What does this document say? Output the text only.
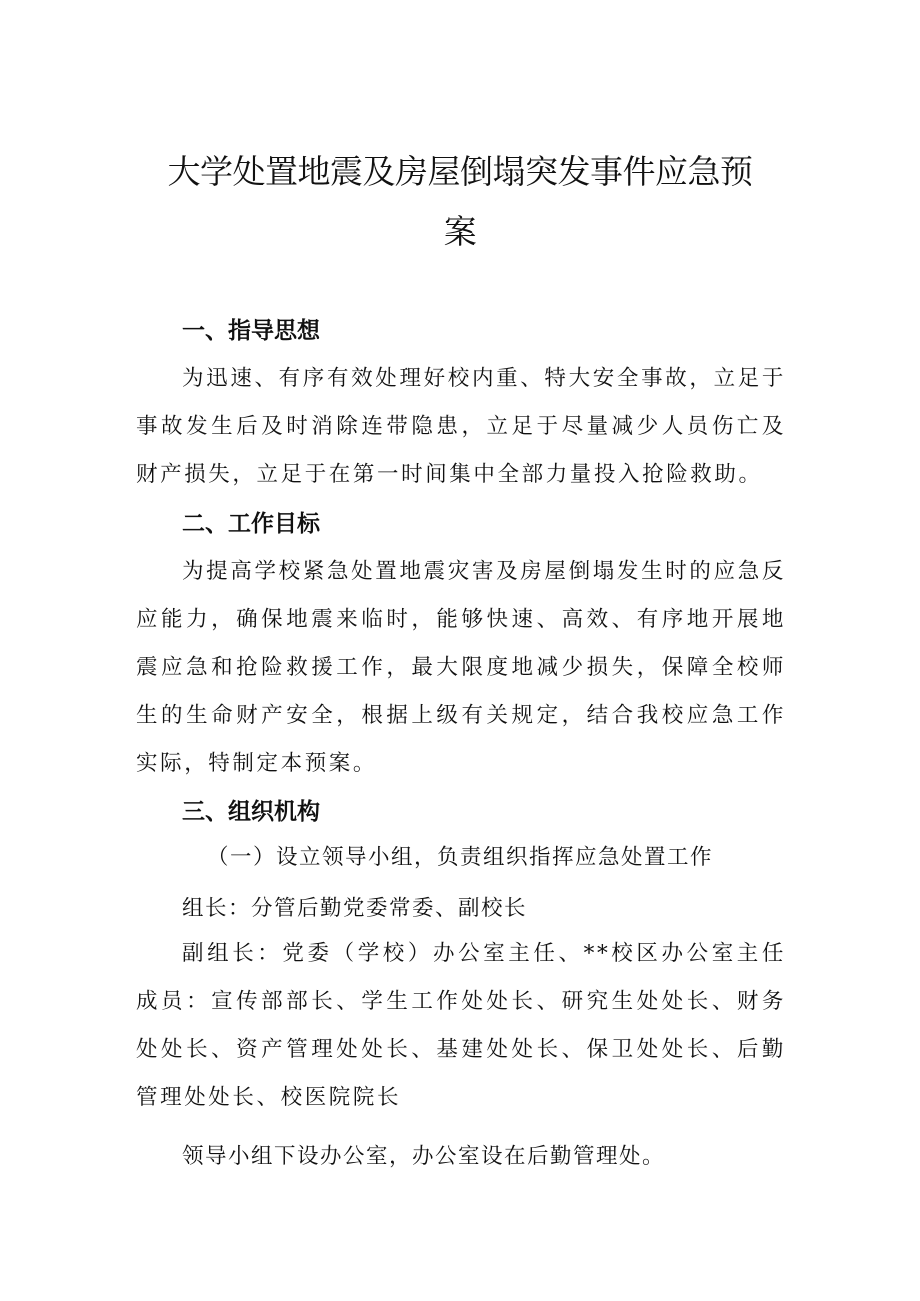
大学处置地震及房屋倒塌突发事件应急预
案
一、指导思想

为迅速、有序有效处理好校内重、特大安全事故，立足于事故发生后及时消除连带隐患，立足于尽量减少人员伤亡及财产损失，立足于在第一时间集中全部力量投入抢险救助。

二、工作目标

为提高学校紧急处置地震灾害及房屋倒塌发生时的应急反应能力，确保地震来临时，能够快速、高效、有序地开展地震应急和抢险救援工作，最大限度地减少损失，保障全校师生的生命财产安全，根据上级有关规定，结合我校应急工作实际，特制定本预案。

三、组织机构

（一）设立领导小组，负责组织指挥应急处置工作

组长：分管后勤党委常委、副校长

副组长：党委（学校）办公室主任、**校区办公室主任成员：宣传部部长、学生工作处处长、研究生处处长、财务处处长、资产管理处处长、基建处处长、保卫处处长、后勤管理处处长、校医院院长

领导小组下设办公室，办公室设在后勤管理处。
